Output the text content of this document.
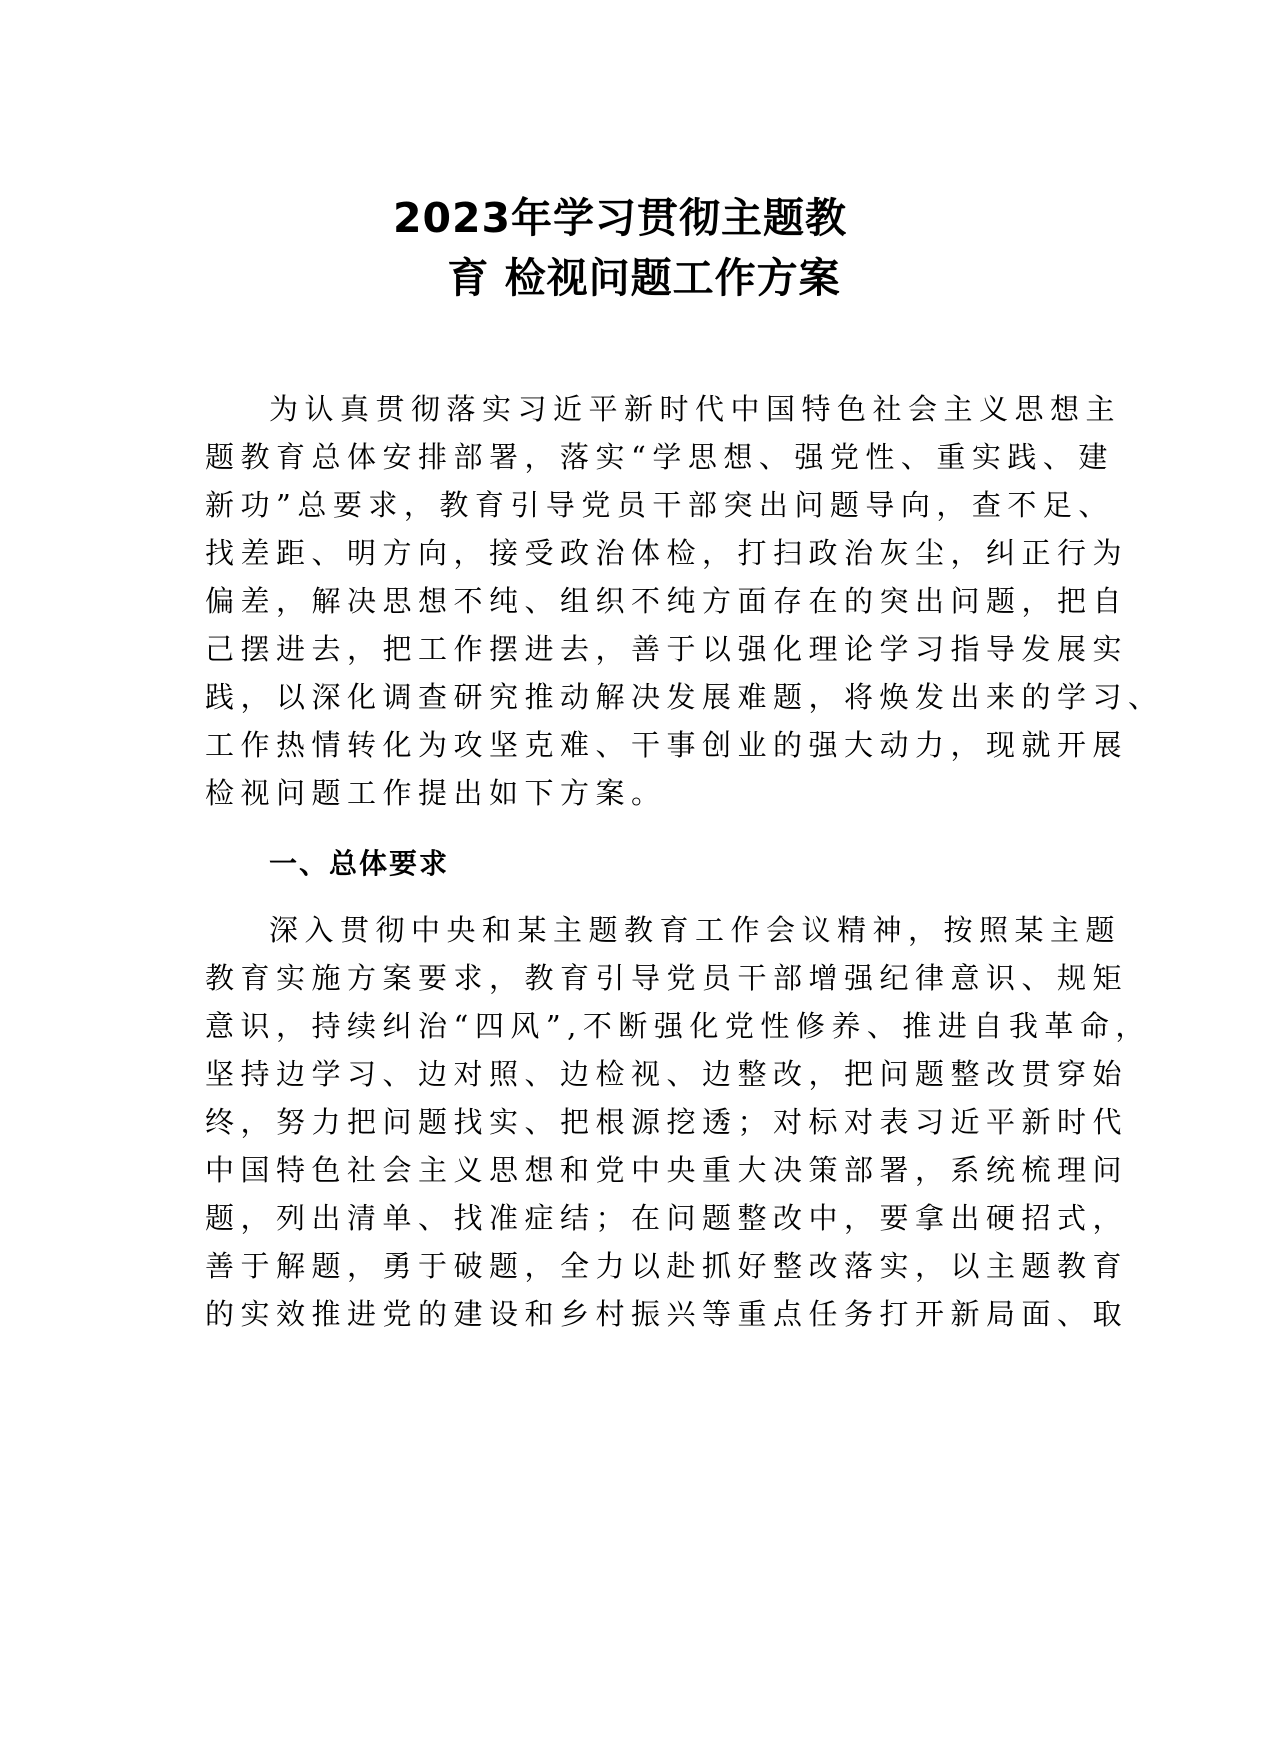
2023年学习贯彻主题教
育 检视问题工作方案
为认真贯彻落实习近平新时代中国特色社会主义思想主
题教育总体安排部署，落实“学思想、强党性、重实践、建
新功”总要求，教育引导党员干部突出问题导向，查不足、
找差距、明方向，接受政治体检，打扫政治灰尘，纠正行为
偏差，解决思想不纯、组织不纯方面存在的突出问题，把自
己摆进去，把工作摆进去，善于以强化理论学习指导发展实
践，以深化调查研究推动解决发展难题，将焕发出来的学习、
工作热情转化为攻坚克难、干事创业的强大动力，现就开展
检视问题工作提出如下方案。
一、总体要求
深入贯彻中央和某主题教育工作会议精神，按照某主题
教育实施方案要求，教育引导党员干部增强纪律意识、规矩
意识，持续纠治“四风”,不断强化党性修养、推进自我革命，
坚持边学习、边对照、边检视、边整改，把问题整改贯穿始
终，努力把问题找实、把根源挖透；对标对表习近平新时代
中国特色社会主义思想和党中央重大决策部署，系统梳理问
题，列出清单、找准症结；在问题整改中，要拿出硬招式，
善于解题，勇于破题，全力以赴抓好整改落实，以主题教育
的实效推进党的建设和乡村振兴等重点任务打开新局面、取
